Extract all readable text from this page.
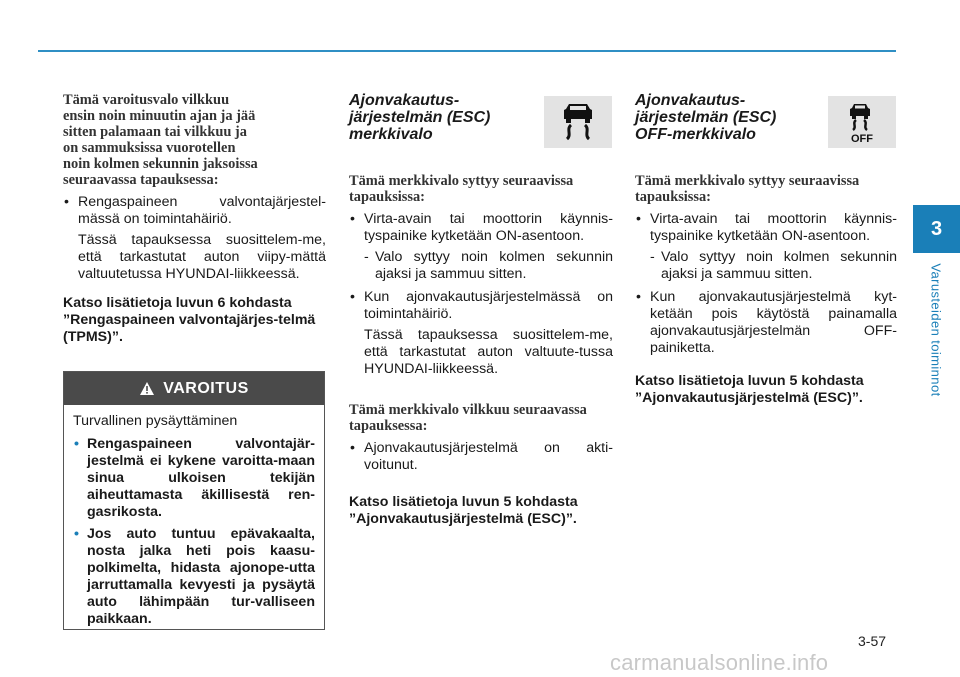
3
Varusteiden toiminnot
Tämä varoitusvalo vilkkuu
ensin noin minuutin ajan ja jää
sitten palamaan tai vilkkuu ja
on sammuksissa vuorotellen
noin kolmen sekunnin jaksoissa
seuraavassa tapauksessa:
• Rengaspaineen valvontajärjestel-mässä on toimintahäiriö.
Tässä tapauksessa suosittelem-me, että tarkastutat auton viipy-mättä valtuutetussa HYUNDAI-liikkeessä.
Katso lisätietoja luvun 6 kohdasta ”Rengaspaineen valvontajärjes-telmä (TPMS)”.
VAROITUS
Turvallinen pysäyttäminen
• Rengaspaineen valvontajär-jestelmä ei kykene varoitta-maan sinua ulkoisen tekijän aiheuttamasta äkillisestä ren-gasrikosta.
• Jos auto tuntuu epävakaalta, nosta jalka heti pois kaasu-polkimelta, hidasta ajonope-utta jarruttamalla kevyesti ja pysäytä auto lähimpään tur-valliseen paikkaan.
Ajonvakautus-järjestelmän (ESC) merkkivalo
Tämä merkkivalo syttyy seuraavissa tapauksissa:
• Virta-avain tai moottorin käynnis-tyspainike kytketään ON-asentoon.
- Valo syttyy noin kolmen sekunnin ajaksi ja sammuu sitten.
• Kun ajonvakautusjärjestelmässä on toimintahäiriö.
Tässä tapauksessa suosittelem-me, että tarkastutat auton valtuute-tussa HYUNDAI-liikkeessä.
Tämä merkkivalo vilkkuu seuraavassa tapauksessa:
• Ajonvakautusjärjestelmä on akti-voitunut.
Katso lisätietoja luvun 5 kohdasta ”Ajonvakautusjärjestelmä (ESC)”.
Ajonvakautus-järjestelmän (ESC) OFF-merkkivalo
Tämä merkkivalo syttyy seuraavissa tapauksissa:
• Virta-avain tai moottorin käynnis-tyspainike kytketään ON-asentoon.
- Valo syttyy noin kolmen sekunnin ajaksi ja sammuu sitten.
• Kun ajonvakautusjärjestelmä kyt-ketään pois käytöstä painamalla ajonvakautusjärjestelmän OFF-painiketta.
Katso lisätietoja luvun 5 kohdasta ”Ajonvakautusjärjestelmä (ESC)”.
OFF
3-57
carmanualsonline.info
